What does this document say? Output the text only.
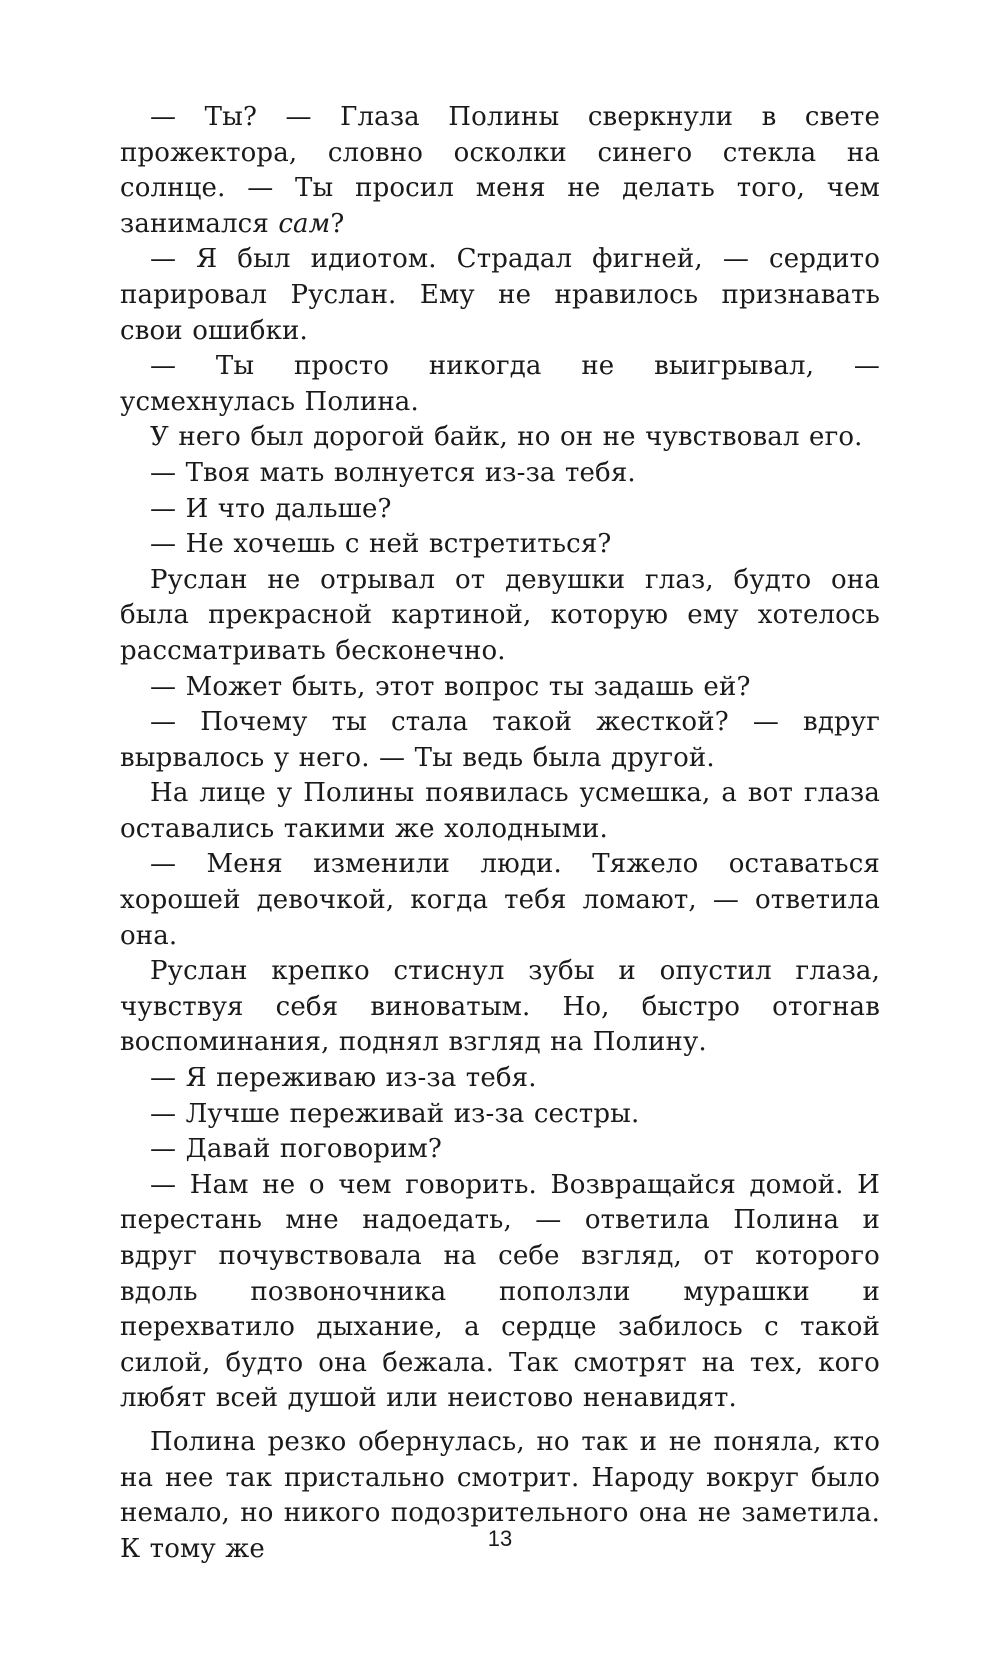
— Ты? — Глаза Полины сверкнули в свете прожектора, словно осколки синего стекла на солнце. — Ты просил меня не делать того, чем занимался сам?

— Я был идиотом. Страдал фигней, — сердито парировал Руслан. Ему не нравилось признавать свои ошибки.

— Ты просто никогда не выигрывал, — усмехнулась Полина.

У него был дорогой байк, но он не чувствовал его.

— Твоя мать волнуется из-за тебя.

— И что дальше?

— Не хочешь с ней встретиться?

Руслан не отрывал от девушки глаз, будто она была прекрасной картиной, которую ему хотелось рассматривать бесконечно.

— Может быть, этот вопрос ты задашь ей?

— Почему ты стала такой жесткой? — вдруг вырвалось у него. — Ты ведь была другой.

На лице у Полины появилась усмешка, а вот глаза оставались такими же холодными.

— Меня изменили люди. Тяжело оставаться хорошей девочкой, когда тебя ломают, — ответила она.

Руслан крепко стиснул зубы и опустил глаза, чувствуя себя виноватым. Но, быстро отогнав воспоминания, поднял взгляд на Полину.

— Я переживаю из-за тебя.

— Лучше переживай из-за сестры.

— Давай поговорим?

— Нам не о чем говорить. Возвращайся домой. И перестань мне надоедать, — ответила Полина и вдруг почувствовала на себе взгляд, от которого вдоль позвоночника поползли мурашки и перехватило дыхание, а сердце забилось с такой силой, будто она бежала. Так смотрят на тех, кого любят всей душой или неистово ненавидят.

Полина резко обернулась, но так и не поняла, кто на нее так пристально смотрит. Народу вокруг было немало, но никого подозрительного она не заметила. К тому же	13
